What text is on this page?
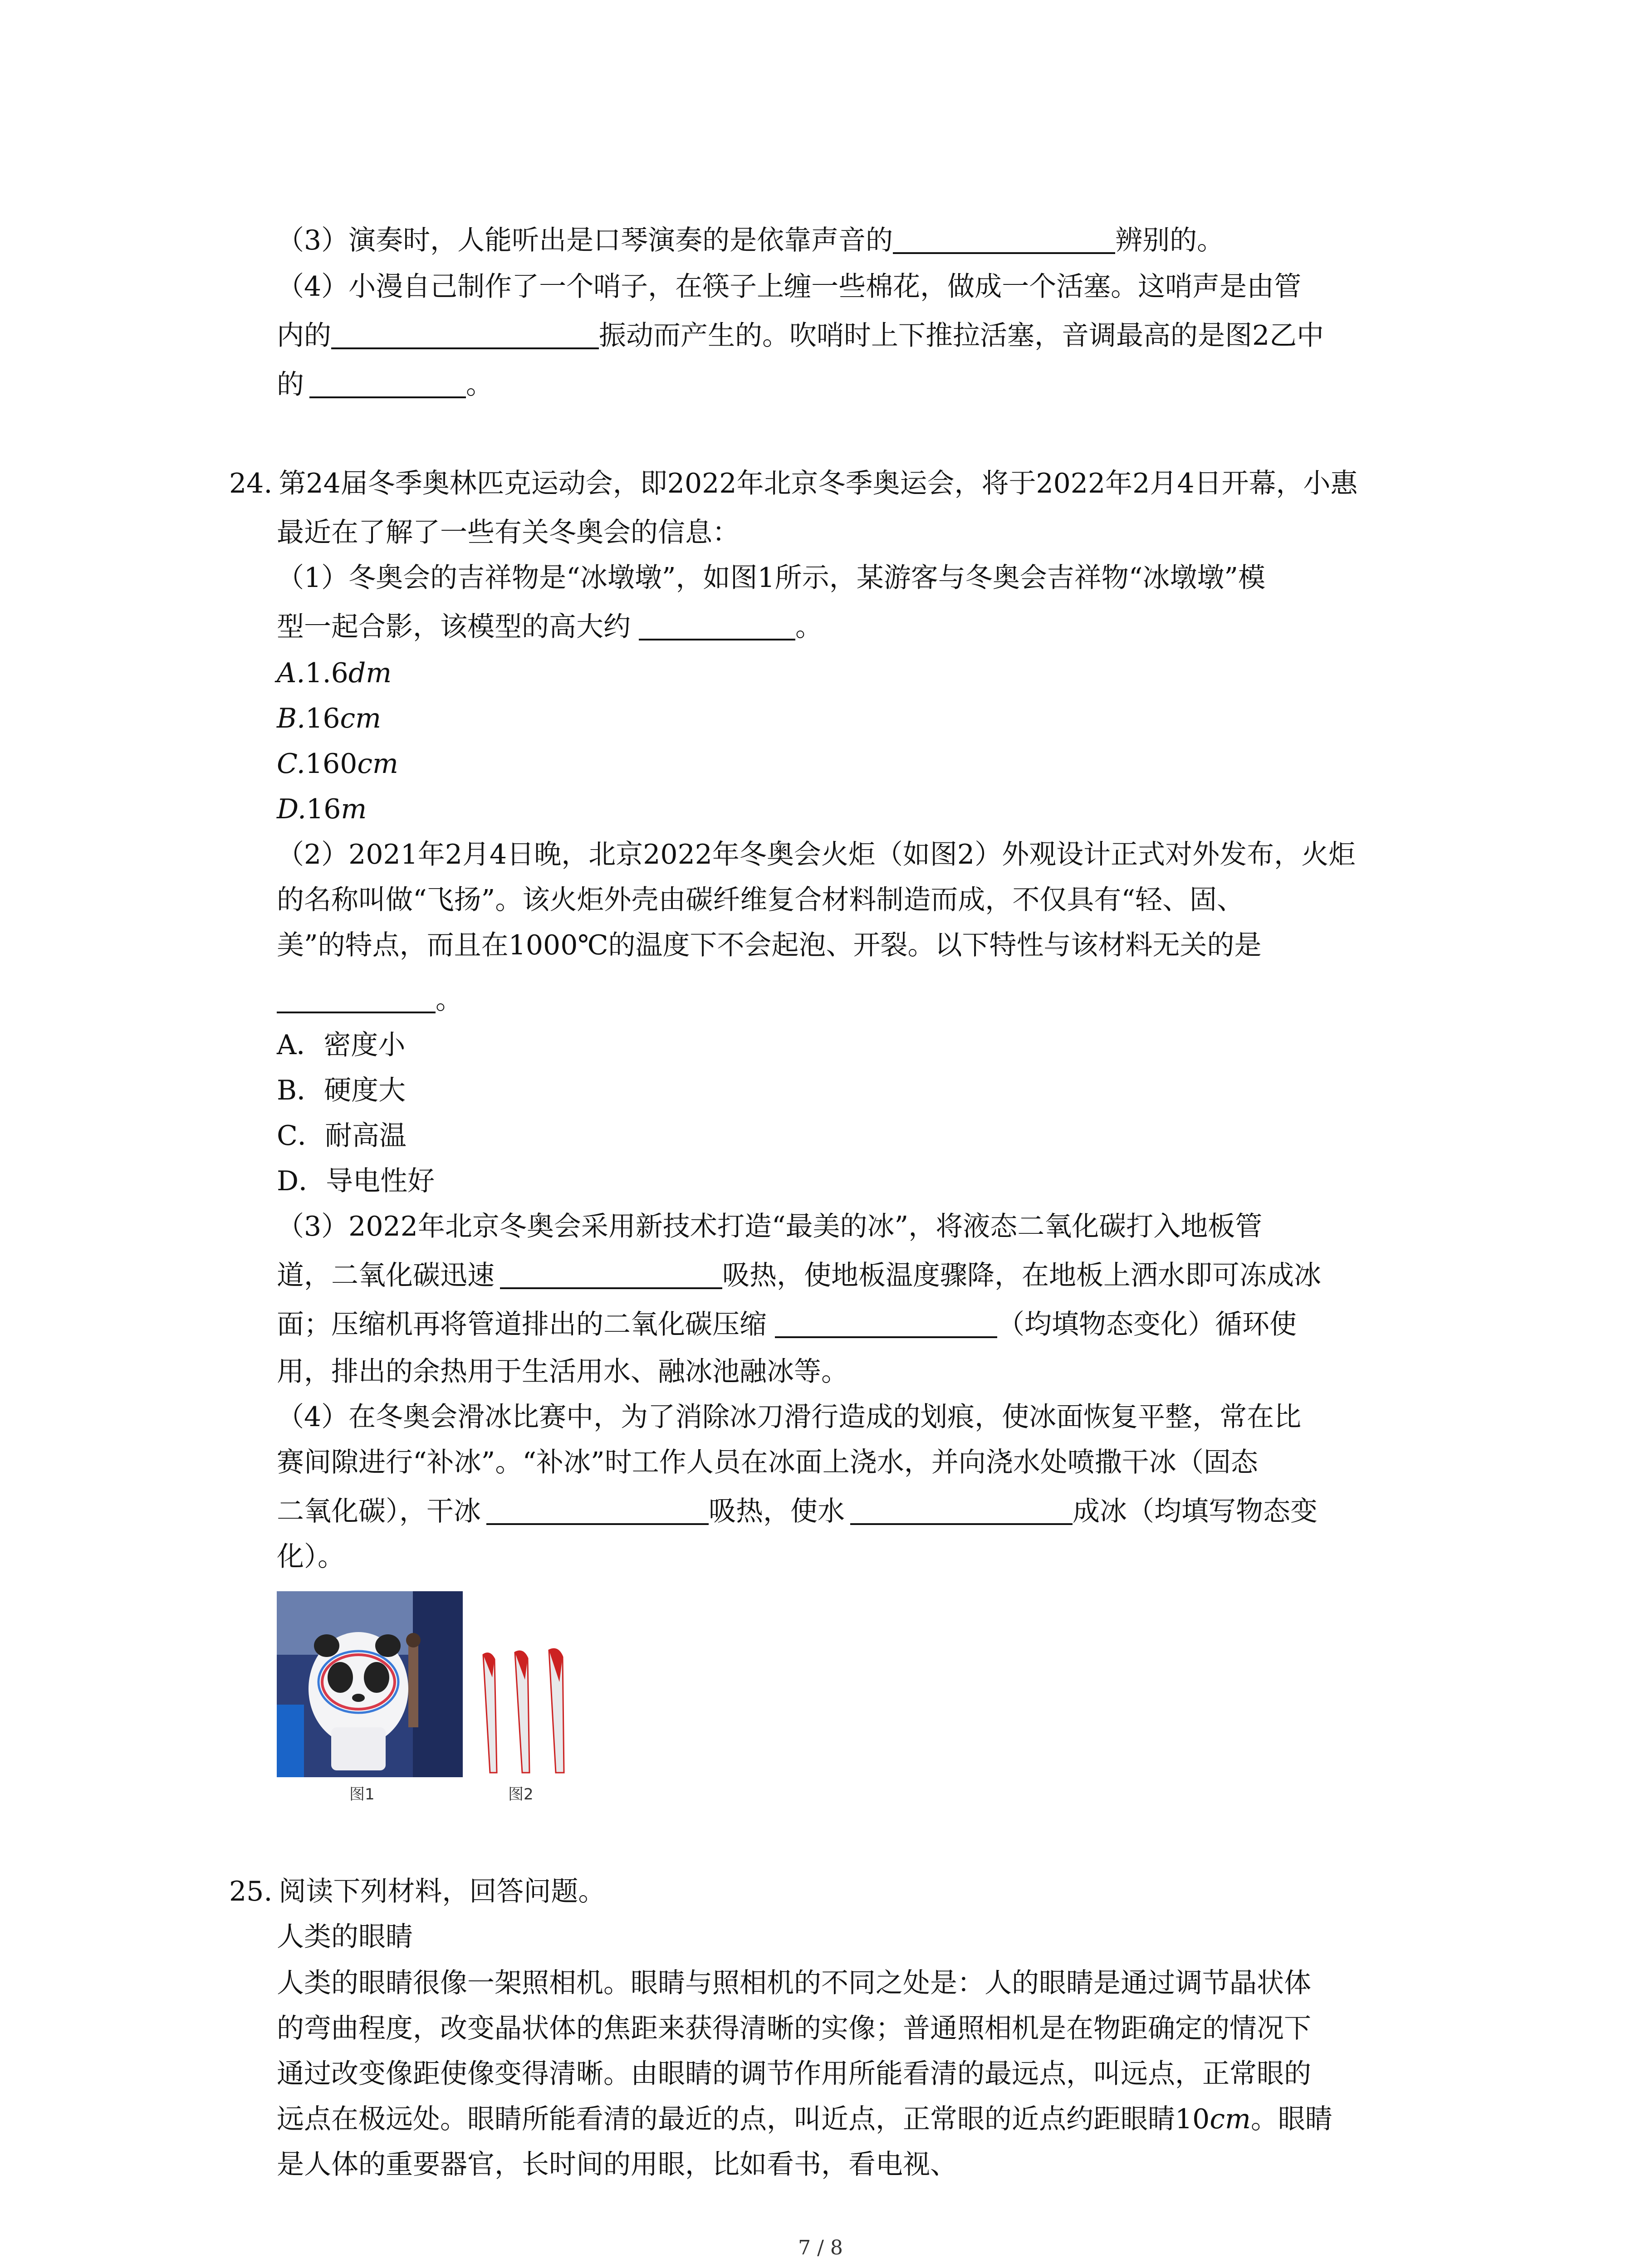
（3）演奏时，人能听出是口琴演奏的是依靠声音的	辨别的。
（4）小漫自己制作了一个哨子，在筷子上缠一些棉花，做成一个活塞。这哨声是由管
内的	振动而产生的。吹哨时上下推拉活塞，音调最高的是图2乙中
的	。
24. 第24届冬季奥林匹克运动会，即2022年北京冬季奥运会，将于2022年2月4日开幕，小惠
最近在了解了一些有关冬奥会的信息：
（1）冬奥会的吉祥物是“冰墩墩”，如图1所示，某游客与冬奥会吉祥物“冰墩墩”模
型一起合影，该模型的高大约	。
A.1.6dm
B.16cm
C.160cm
D.16m
（2）2021年2月4日晚，北京2022年冬奥会火炬（如图2）外观设计正式对外发布，火炬
的名称叫做“飞扬”。该火炬外壳由碳纤维复合材料制造而成，不仅具有“轻、固、
美”的特点，而且在1000℃的温度下不会起泡、开裂。以下特性与该材料无关的是
。
A．密度小
B．硬度大
C．耐高温
D．导电性好
（3）2022年北京冬奥会采用新技术打造“最美的冰”，将液态二氧化碳打入地板管
道，二氧化碳迅速	吸热，使地板温度骤降，在地板上洒水即可冻成冰
面；压缩机再将管道排出的二氧化碳压缩	（均填物态变化）循环使
用，排出的余热用于生活用水、融冰池融冰等。
（4）在冬奥会滑冰比赛中，为了消除冰刀滑行造成的划痕，使冰面恢复平整，常在比
赛间隙进行“补冰”。“补冰”时工作人员在冰面上浇水，并向浇水处喷撒干冰（固态
二氧化碳），干冰	吸热，使水	成冰（均填写物态变
化）。
图1	图2
25. 阅读下列材料，回答问题。
人类的眼睛
人类的眼睛很像一架照相机。眼睛与照相机的不同之处是：人的眼睛是通过调节晶状体
的弯曲程度，改变晶状体的焦距来获得清晰的实像；普通照相机是在物距确定的情况下
通过改变像距使像变得清晰。由眼睛的调节作用所能看清的最远点，叫远点，正常眼的
远点在极远处。眼睛所能看清的最近的点，叫近点，正常眼的近点约距眼睛10cm。眼睛
是人体的重要器官，长时间的用眼，比如看书，看电视、
7 / 8
